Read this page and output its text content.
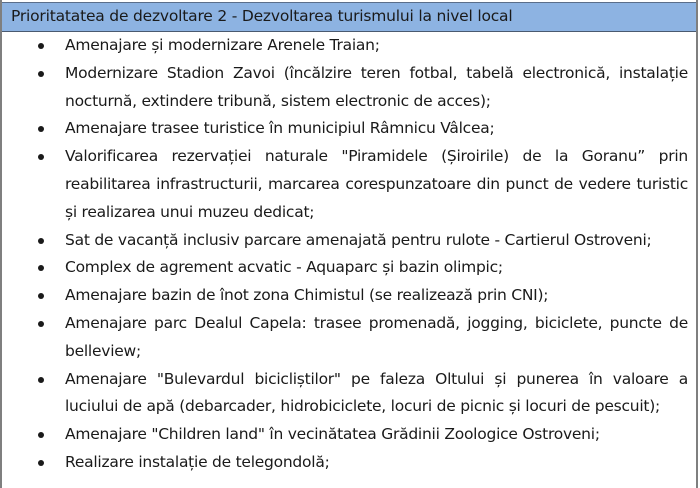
Prioritatatea de dezvoltare 2 - Dezvoltarea turismului la nivel local
Amenajare și modernizare Arenele Traian;
Modernizare Stadion Zavoi (încălzire teren fotbal, tabelă electronică, instalație nocturnă, extindere tribună, sistem electronic de acces);
Amenajare trasee turistice în municipiul Râmnicu Vâlcea;
Valorificarea rezervației naturale "Piramidele (Șiroirile) de la Goranu” prin reabilitarea infrastructurii, marcarea corespunzatoare din punct de vedere turistic și realizarea unui muzeu dedicat;
Sat de vacanță inclusiv parcare amenajată pentru rulote - Cartierul Ostroveni;
Complex de agrement acvatic - Aquaparc și bazin olimpic;
Amenajare bazin de înot zona Chimistul (se realizează prin CNI);
Amenajare parc Dealul Capela: trasee promenadă, jogging, biciclete, puncte de belleview;
Amenajare "Bulevardul bicicliștilor" pe faleza Oltului și punerea în valoare a luciului de apă (debarcader, hidrobiciclete, locuri de picnic și locuri de pescuit);
Amenajare "Children land" în vecinătatea Grădinii Zoologice Ostroveni;
Realizare instalație de telegondolă;
